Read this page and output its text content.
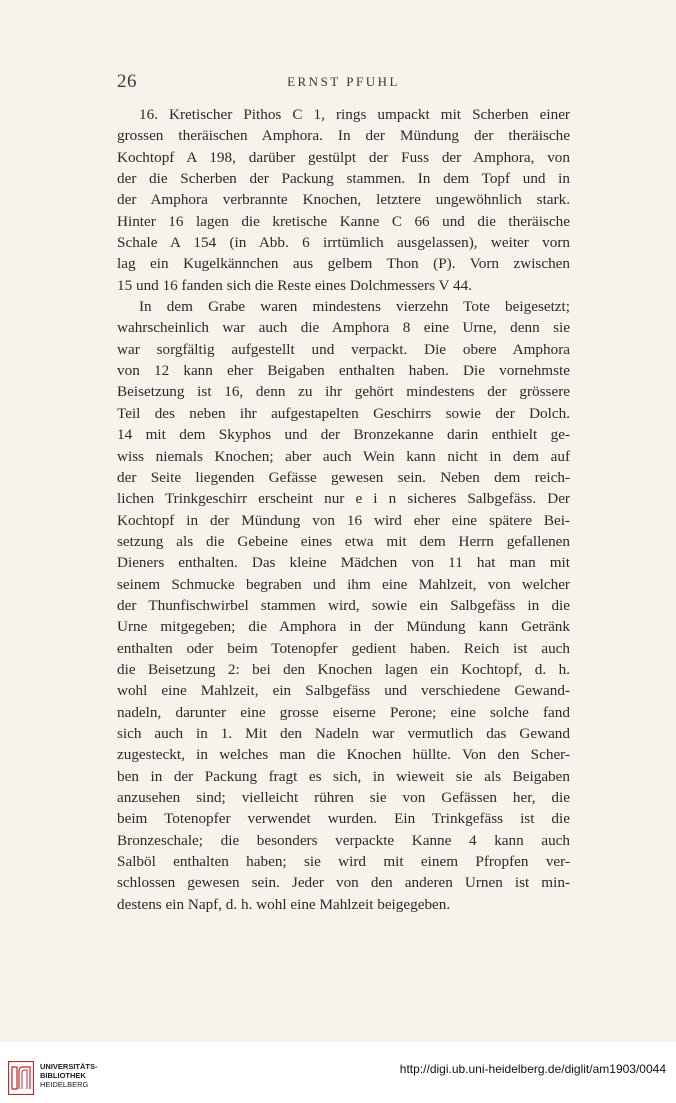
26	ERNST PFUHL
16. Kretischer Pithos C 1, rings umpackt mit Scherben einer
grossen theräischen Amphora. In der Mündung der theräische
Kochtopf A 198, darüber gestülpt der Fuss der Amphora, von
der die Scherben der Packung stammen. In dem Topf und in
der Amphora verbrannte Knochen, letztere ungewöhnlich stark.
Hinter 16 lagen die kretische Kanne C 66 und die theräische
Schale A 154 (in Abb. 6 irrtümlich ausgelassen), weiter vorn
lag ein Kugelkännchen aus gelbem Thon (P). Vorn zwischen
15 und 16 fanden sich die Reste eines Dolchmessers V 44.
In dem Grabe waren mindestens vierzehn Tote beigesetzt;
wahrscheinlich war auch die Amphora 8 eine Urne, denn sie
war sorgfältig aufgestellt und verpackt. Die obere Amphora
von 12 kann eher Beigaben enthalten haben. Die vornehmste
Beisetzung ist 16, denn zu ihr gehört mindestens der grössere
Teil des neben ihr aufgestapelten Geschirrs sowie der Dolch.
14 mit dem Skyphos und der Bronzekanne darin enthielt ge-
wiss niemals Knochen; aber auch Wein kann nicht in dem auf
der Seite liegenden Gefässe gewesen sein. Neben dem reich-
lichen Trinkgeschirr erscheint nur e i n sicheres Salbgefäss. Der
Kochtopf in der Mündung von 16 wird eher eine spätere Bei-
setzung als die Gebeine eines etwa mit dem Herrn gefallenen
Dieners enthalten. Das kleine Mädchen von 11 hat man mit
seinem Schmucke begraben und ihm eine Mahlzeit, von welcher
der Thunfischwirbel stammen wird, sowie ein Salbgefäss in die
Urne mitgegeben; die Amphora in der Mündung kann Getränk
enthalten oder beim Totenopfer gedient haben. Reich ist auch
die Beisetzung 2: bei den Knochen lagen ein Kochtopf, d. h.
wohl eine Mahlzeit, ein Salbgefäss und verschiedene Gewand-
nadeln, darunter eine grosse eiserne Perone; eine solche fand
sich auch in 1. Mit den Nadeln war vermutlich das Gewand
zugesteckt, in welches man die Knochen hüllte. Von den Scher-
ben in der Packung fragt es sich, in wieweit sie als Beigaben
anzusehen sind; vielleicht rühren sie von Gefässen her, die
beim Totenopfer verwendet wurden. Ein Trinkgefäss ist die
Bronzeschale; die besonders verpackte Kanne 4 kann auch
Salböl enthalten haben; sie wird mit einem Pfropfen ver-
schlossen gewesen sein. Jeder von den anderen Urnen ist min-
destens ein Napf, d. h. wohl eine Mahlzeit beigegeben.
UNIVERSITÄTS-
BIBLIOTHEK
HEIDELBERG
http://digi.ub.uni-heidelberg.de/diglit/am1903/0044
